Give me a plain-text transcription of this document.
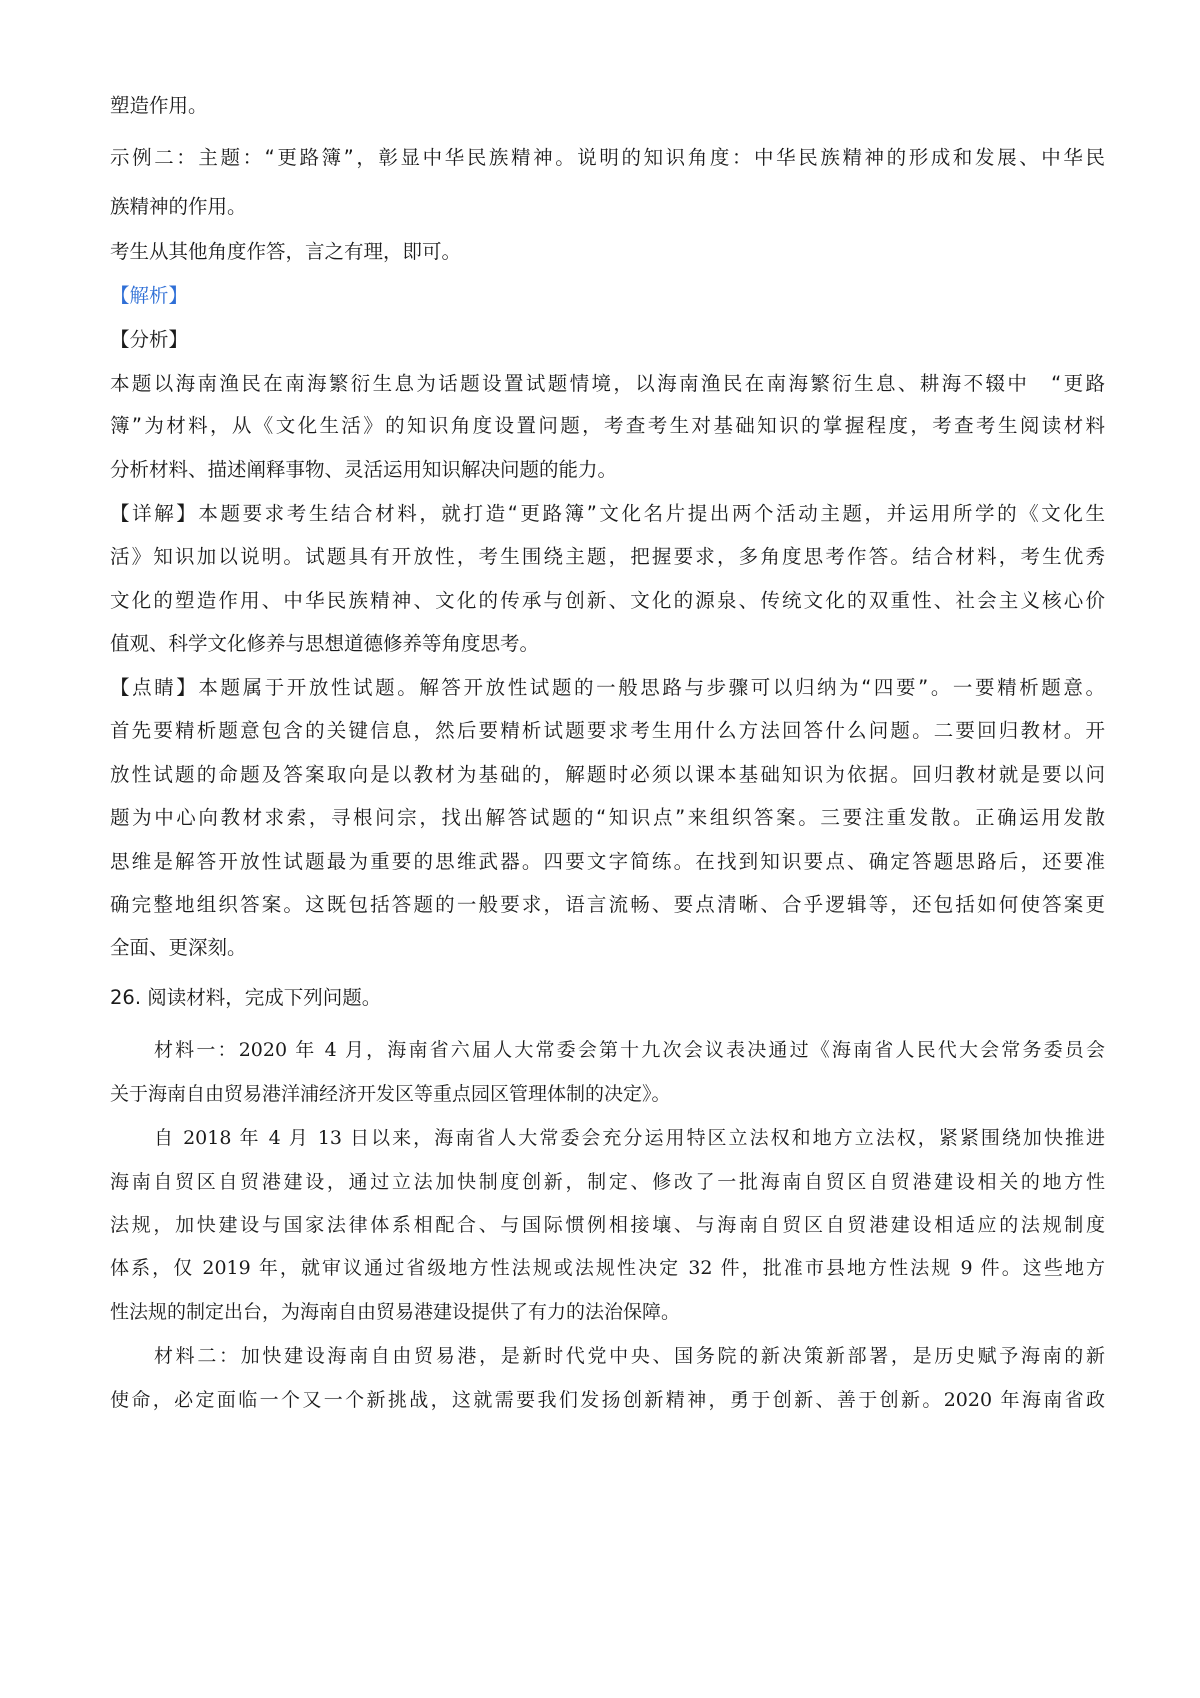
塑造作用。

示例二：主题：“更路簿”，彰显中华民族精神。说明的知识角度：中华民族精神的形成和发展、中华民

族精神的作用。

考生从其他角度作答，言之有理，即可。

【解析】

【分析】

本题以海南渔民在南海繁衍生息为话题设置试题情境，以海南渔民在南海繁衍生息、耕海不辍中　“更路

簿”为材料，从《文化生活》的知识角度设置问题，考查考生对基础知识的掌握程度，考查考生阅读材料

分析材料、描述阐释事物、灵活运用知识解决问题的能力。

【详解】本题要求考生结合材料，就打造“更路簿”文化名片提出两个活动主题，并运用所学的《文化生

活》知识加以说明。试题具有开放性，考生围绕主题，把握要求，多角度思考作答。结合材料，考生优秀

文化的塑造作用、中华民族精神、文化的传承与创新、文化的源泉、传统文化的双重性、社会主义核心价

值观、科学文化修养与思想道德修养等角度思考。

【点睛】本题属于开放性试题。解答开放性试题的一般思路与步骤可以归纳为“四要”。一要精析题意。

首先要精析题意包含的关键信息，然后要精析试题要求考生用什么方法回答什么问题。二要回归教材。开

放性试题的命题及答案取向是以教材为基础的，解题时必须以课本基础知识为依据。回归教材就是要以问

题为中心向教材求索，寻根问宗，找出解答试题的“知识点”来组织答案。三要注重发散。正确运用发散

思维是解答开放性试题最为重要的思维武器。四要文字简练。在找到知识要点、确定答题思路后，还要准

确完整地组织答案。这既包括答题的一般要求，语言流畅、要点清晰、合乎逻辑等，还包括如何使答案更

全面、更深刻。

26. 阅读材料，完成下列问题。

材料一：2020 年 4 月，海南省六届人大常委会第十九次会议表决通过《海南省人民代大会常务委员会

关于海南自由贸易港洋浦经济开发区等重点园区管理体制的决定》。

自 2018 年 4 月 13 日以来，海南省人大常委会充分运用特区立法权和地方立法权，紧紧围绕加快推进

海南自贸区自贸港建设，通过立法加快制度创新，制定、修改了一批海南自贸区自贸港建设相关的地方性

法规，加快建设与国家法律体系相配合、与国际惯例相接壤、与海南自贸区自贸港建设相适应的法规制度

体系，仅 2019 年，就审议通过省级地方性法规或法规性决定 32 件，批准市县地方性法规 9 件。这些地方

性法规的制定出台，为海南自由贸易港建设提供了有力的法治保障。

材料二：加快建设海南自由贸易港，是新时代党中央、国务院的新决策新部署，是历史赋予海南的新

使命，必定面临一个又一个新挑战，这就需要我们发扬创新精神，勇于创新、善于创新。2020 年海南省政
